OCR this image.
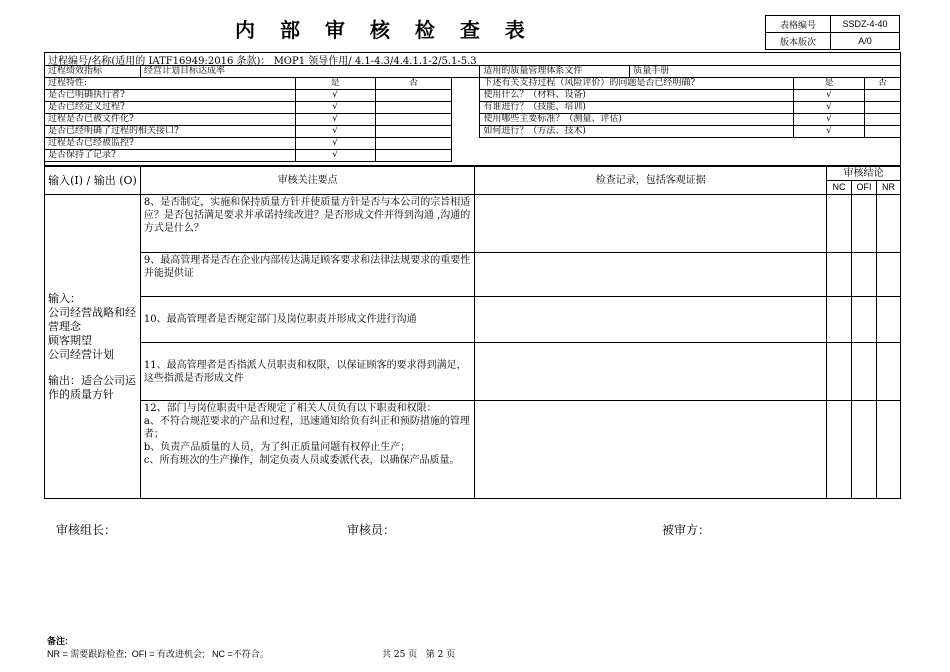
内 部 审 核 检 查 表	表格编号	SSDZ-4-40
版本版次	A/0
过程编号/名称(适用的 IATF16949:2016 条款)： MOP1 领导作用/ 4.1-4.3/4.4.1.1-2/5.1-5.3
过程绩效指标	经营计划目标达成率				适用的质量管理体系文件	质量手册		
过程特性:		是	否		下述有关支持过程（风险评价）的问题是否已经明确?		是	否
是否已明确执行者?		√			使用什么？（材料、设备)		√	
是否已经定义过程?		√			有谁进行？（技能、培训)		√	
过程是否已被文件化?		√			使用哪些主要标准？（测量、评估)		√	
是否已经明确了过程的相关接口?		√			如何进行？（方法、技术)		√	
过程是否已经被监控?		√						
是否保持了记录?		√						
输入(I) / 输出 (O)	审核关注要点	检查记录，包括客观证据	审核结论		
			NC	OFI	NR

输入：
公司经营战略和经营理念
顾客期望
公司经营计划
输出：适合公司运作的质量方针	8、是否制定，实施和保持质量方针并使质量方针是否与本公司的宗旨相适应？是否包括满足要求并承诺持续改进？是否形成文件并得到沟通 ,沟通的方式是什么？				
	9、最高管理者是否在企业内部传达满足顾客要求和法律法规要求的重要性并能提供证				
	10、最高管理者是否规定部门及岗位职责并形成文件进行沟通				
	11、最高管理者是否指派人员职责和权限，以保证顾客的要求得到满足，这些指派是否形成文件				
	12、部门与岗位职责中是否规定了相关人员负有以下职责和权限：
a、不符合规范要求的产品和过程，迅速通知给负有纠正和预防措施的管理者；
b、负责产品质量的人员，为了纠正质量问题有权停止生产；
c、所有班次的生产操作，制定负责人员或委派代表，以确保产品质量。				
审核组长：	审核员：	被审方：
备注:
NR = 需要跟踪检查;  OFI = 有改进机会;   NC =不符合。	共 25 页   第 2 页
